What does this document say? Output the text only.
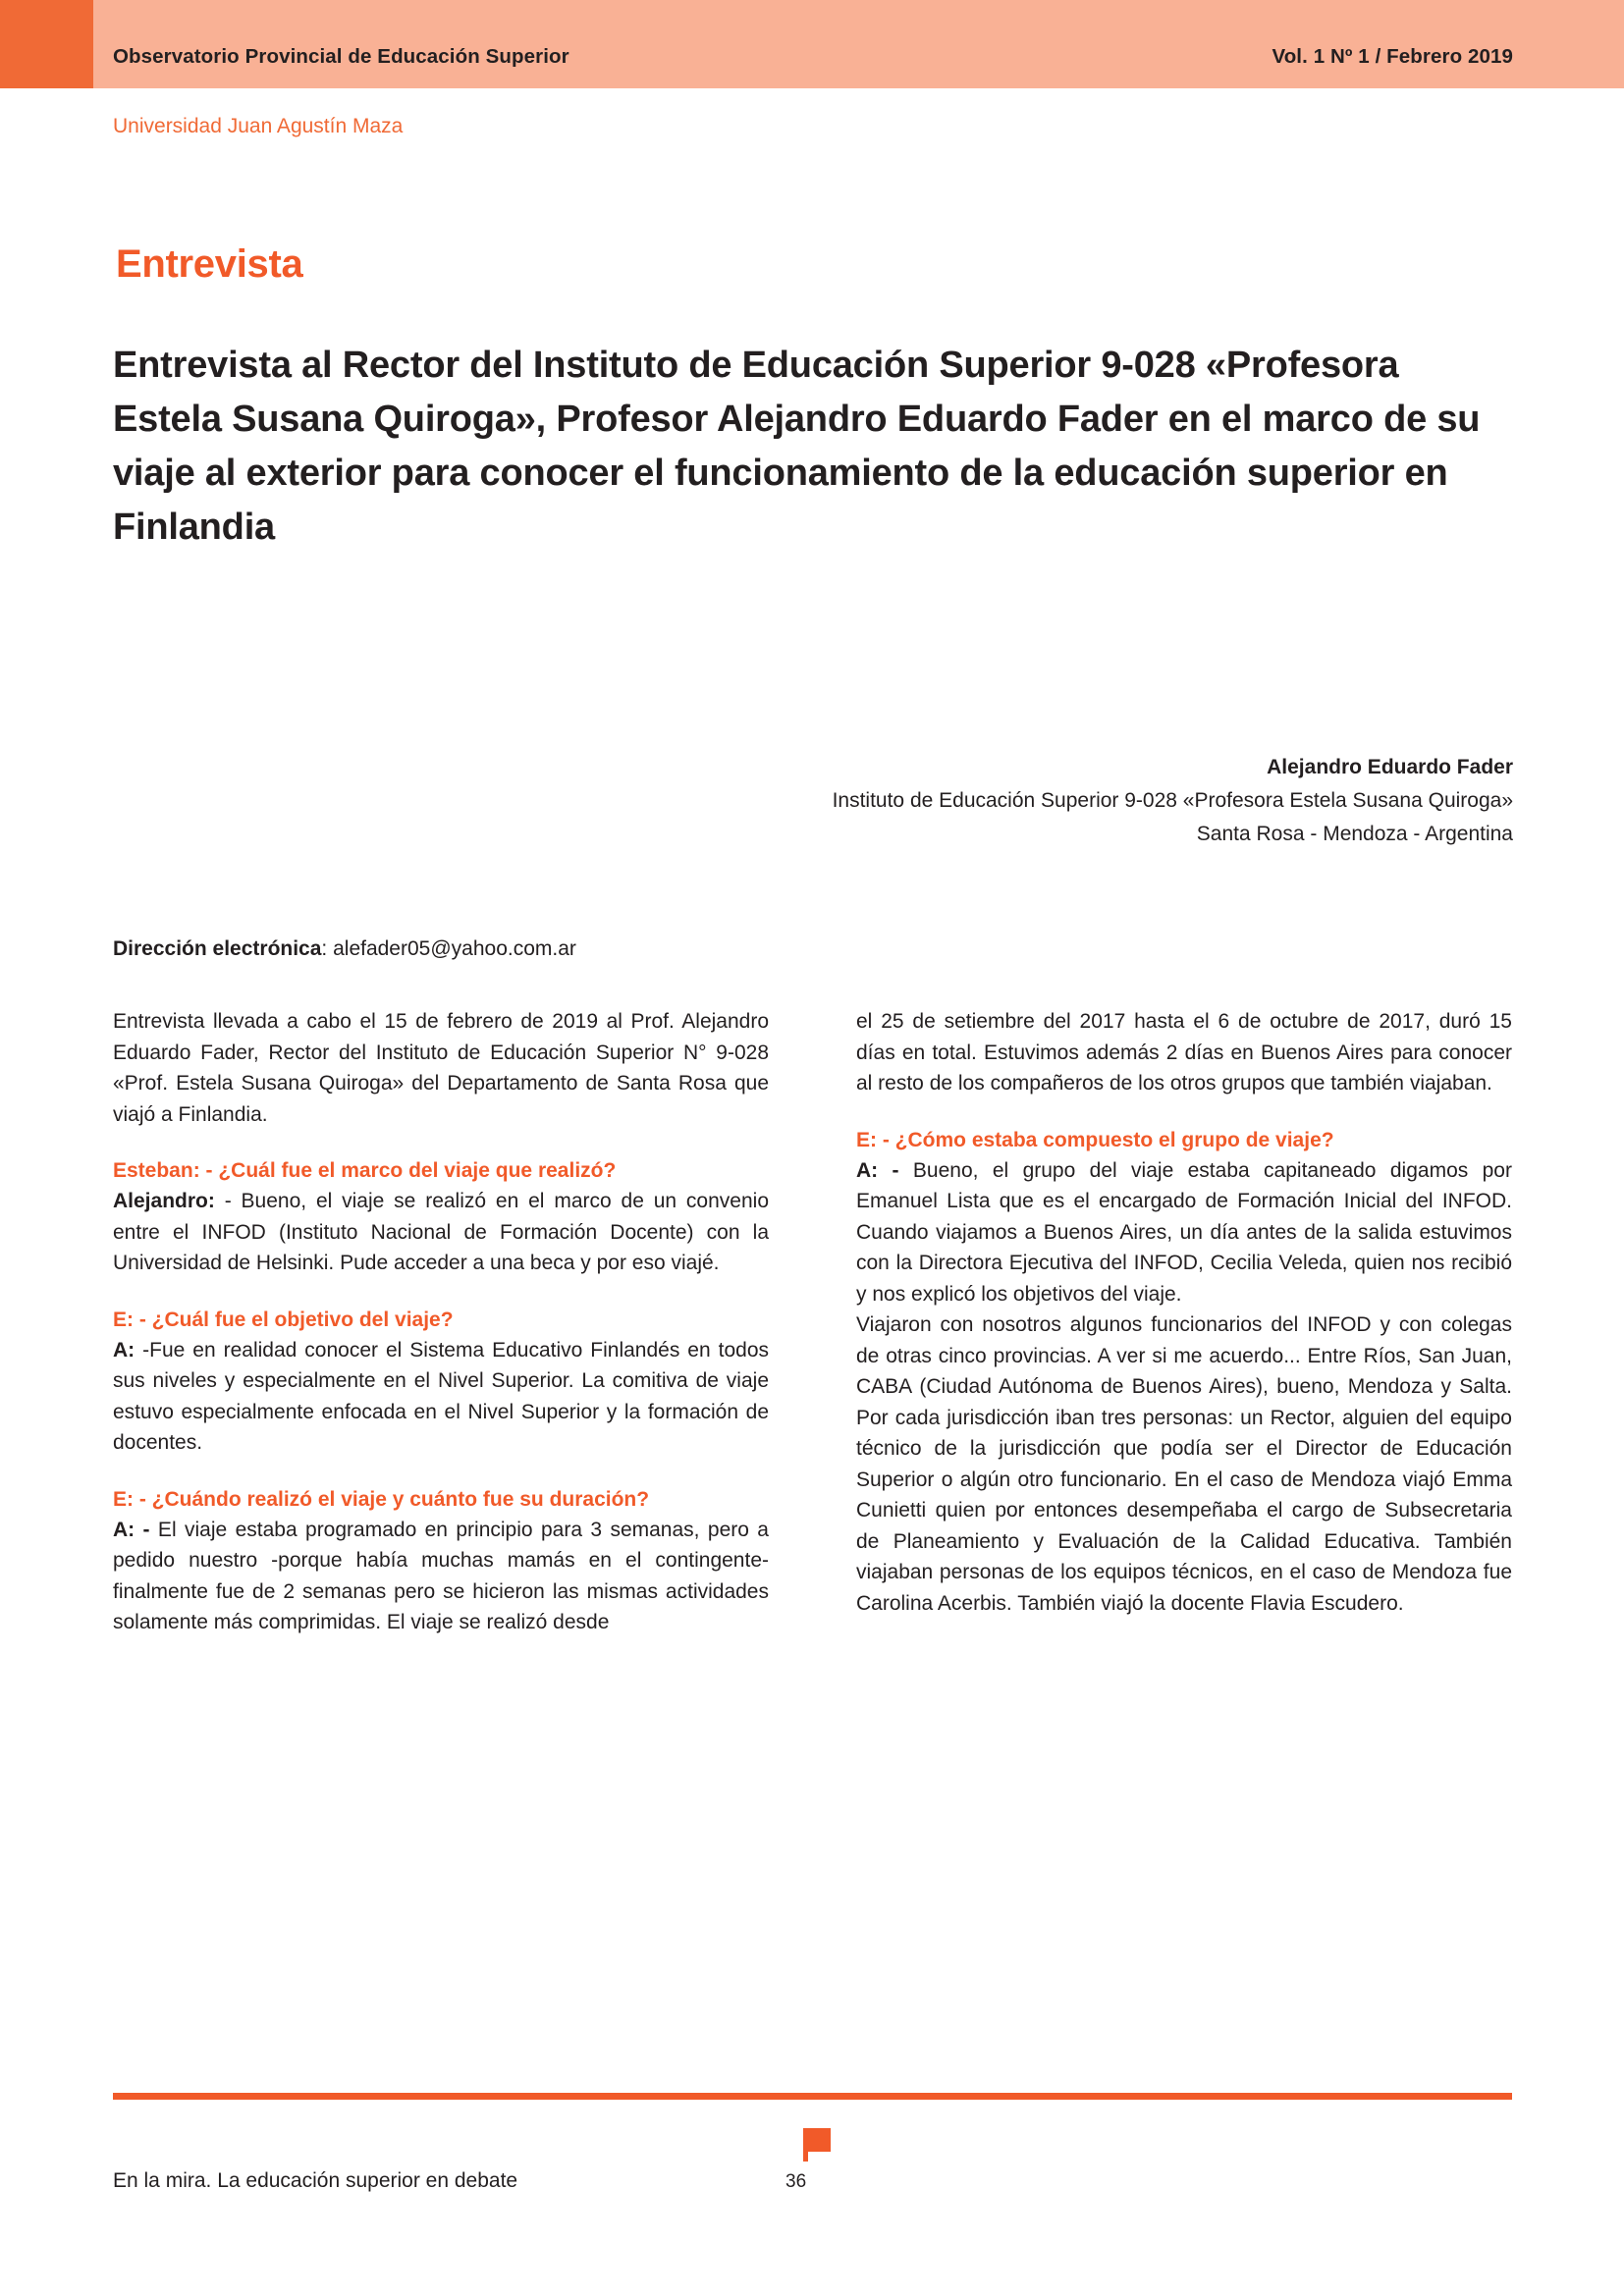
Observatorio Provincial de Educación Superior	Vol. 1 Nº 1 / Febrero 2019
Universidad Juan Agustín Maza
Entrevista
Entrevista al Rector del Instituto de Educación Superior 9-028 «Profesora Estela Susana Quiroga», Profesor Alejandro Eduardo Fader en el marco de su viaje al exterior para conocer el funcionamiento de la educación superior en Finlandia
Alejandro Eduardo Fader
Instituto de Educación Superior 9-028 «Profesora Estela Susana Quiroga»
Santa Rosa - Mendoza - Argentina
Dirección electrónica: alefader05@yahoo.com.ar

Entrevista llevada a cabo el 15 de febrero de 2019 al Prof. Alejandro Eduardo Fader, Rector del Instituto de Educación Superior N° 9-028 «Prof. Estela Susana Quiroga» del Departamento de Santa Rosa que viajó a Finlandia.

Esteban: - ¿Cuál fue el marco del viaje que realizó?

Alejandro: - Bueno, el viaje se realizó en el marco de un convenio entre el INFOD (Instituto Nacional de Formación Docente) con la Universidad de Helsinki. Pude acceder a una beca y por eso viajé.

E: - ¿Cuál fue el objetivo del viaje?

A: -Fue en realidad conocer el Sistema Educativo Finlandés en todos sus niveles y especialmente en el Nivel Superior. La comitiva de viaje estuvo especialmente enfocada en el Nivel Superior y la formación de docentes.

E: - ¿Cuándo realizó el viaje y cuánto fue su duración?

A: - El viaje estaba programado en principio para 3 semanas, pero a pedido nuestro -porque había muchas mamás en el contingente- finalmente fue de 2 semanas pero se hicieron las mismas actividades solamente más comprimidas. El viaje se realizó desde

el 25 de setiembre del 2017 hasta el 6 de octubre de 2017, duró 15 días en total. Estuvimos además 2 días en Buenos Aires para conocer al resto de los compañeros de los otros grupos que también viajaban.

E: - ¿Cómo estaba compuesto el grupo de viaje?

A: - Bueno, el grupo del viaje estaba capitaneado digamos por Emanuel Lista que es el encargado de Formación Inicial del INFOD. Cuando viajamos a Buenos Aires, un día antes de la salida estuvimos con la Directora Ejecutiva del INFOD, Cecilia Veleda, quien nos recibió y nos explicó los objetivos del viaje.

Viajaron con nosotros algunos funcionarios del INFOD y con colegas de otras cinco provincias. A ver si me acuerdo... Entre Ríos, San Juan, CABA (Ciudad Autónoma de Buenos Aires), bueno, Mendoza y Salta. Por cada jurisdicción iban tres personas: un Rector, alguien del equipo técnico de la jurisdicción que podía ser el Director de Educación Superior o algún otro funcionario. En el caso de Mendoza viajó Emma Cunietti quien por entonces desempeñaba el cargo de Subsecretaria de Planeamiento y Evaluación de la Calidad Educativa. También viajaban personas de los equipos técnicos, en el caso de Mendoza fue Carolina Acerbis. También viajó la docente Flavia Escudero.

En la mira. La educación superior en debate	36
